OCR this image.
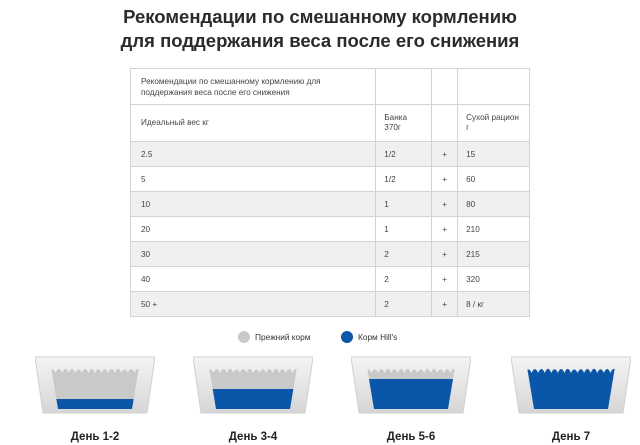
Рекомендации по смешанному кормлению
для поддержания веса после его снижения
Рекомендации по смешанному кормлению для поддержания веса после его снижения			
Идеальный вес кг	Банка 370г		Сухой рацион г
2.5	1/2	+	15
5	1/2	+	60
10	1	+	80
20	1	+	210
30	2	+	215
40	2	+	320
50 +	2	+	8 / кг
Прежний корм	Корм Hill's
День 1-2	День 3-4	День 5-6	День 7
